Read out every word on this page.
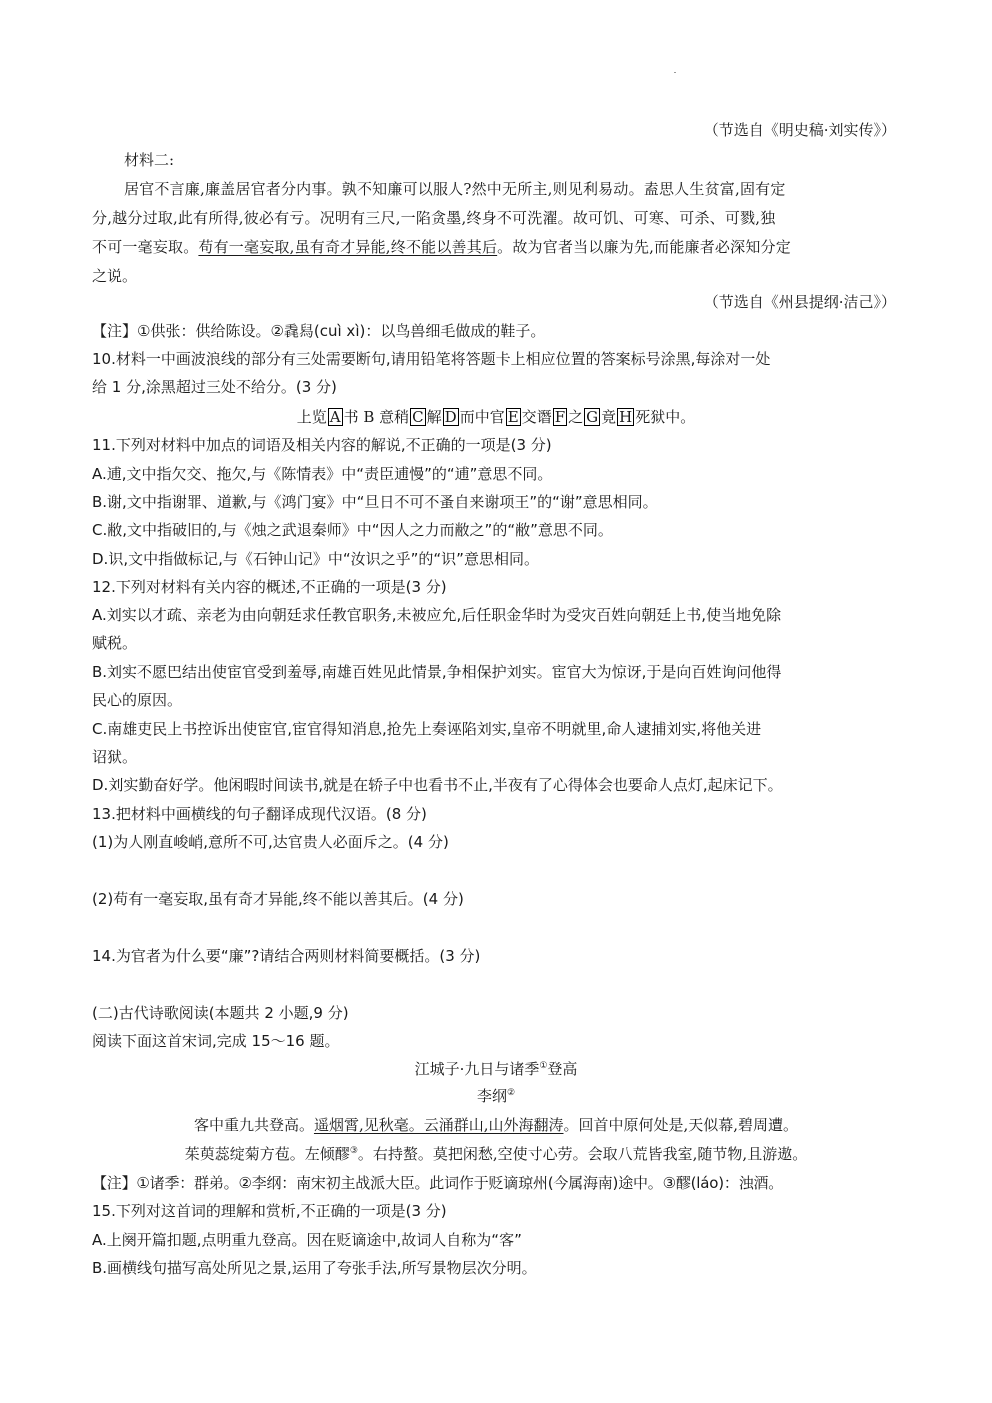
（节选自《明史稿·刘实传》）
材料二:
居官不言廉,廉盖居官者分内事。孰不知廉可以服人?然中无所主,则见利易动。盍思人生贫富,固有定
分,越分过取,此有所得,彼必有亏。况明有三尺,一陷贪墨,终身不可洗濯。故可饥、可寒、可杀、可戮,独
不可一毫妄取。苟有一毫妄取,虽有奇才异能,终不能以善其后。故为官者当以廉为先,而能廉者必深知分定
之说。
（节选自《州县提纲·洁己》）
【注】①供张：供给陈设。②毳舄(cuì xì)：以鸟兽细毛做成的鞋子。
10.材料一中画波浪线的部分有三处需要断句,请用铅笔将答题卡上相应位置的答案标号涂黑,每涂对一处
给 1 分,涂黑超过三处不给分。(3 分)
上览 A 书 B 意稍 C 解 D 而中官 E 交谮 F 之 G 竟 H 死狱中。
11.下列对材料中加点的词语及相关内容的解说,不正确的一项是(3 分)
A.逋,文中指欠交、拖欠,与《陈情表》中“责臣逋慢”的“逋”意思不同。
B.谢,文中指谢罪、道歉,与《鸿门宴》中“旦日不可不蚤自来谢项王”的“谢”意思相同。
C.敝,文中指破旧的,与《烛之武退秦师》中“因人之力而敝之”的“敝”意思不同。
D.识,文中指做标记,与《石钟山记》中“汝识之乎”的“识”意思相同。
12.下列对材料有关内容的概述,不正确的一项是(3 分)
A.刘实以才疏、亲老为由向朝廷求任教官职务,未被应允,后任职金华时为受灾百姓向朝廷上书,使当地免除
赋税。
B.刘实不愿巴结出使宦官受到羞辱,南雄百姓见此情景,争相保护刘实。宦官大为惊讶,于是向百姓询问他得
民心的原因。
C.南雄吏民上书控诉出使宦官,宦官得知消息,抢先上奏诬陷刘实,皇帝不明就里,命人逮捕刘实,将他关进
诏狱。
D.刘实勤奋好学。他闲暇时间读书,就是在轿子中也看书不止,半夜有了心得体会也要命人点灯,起床记下。
13.把材料中画横线的句子翻译成现代汉语。(8 分)
(1)为人刚直峻峭,意所不可,达官贵人必面斥之。(4 分)
(2)苟有一毫妄取,虽有奇才异能,终不能以善其后。(4 分)
14.为官者为什么要“廉”?请结合两则材料简要概括。(3 分)
(二)古代诗歌阅读(本题共 2 小题,9 分)
阅读下面这首宋词,完成 15～16 题。
江城子·九日与诸季①登高
李纲②
客中重九共登高。遥烟霄,见秋毫。云涌群山,山外海翻涛。回首中原何处是,天似幕,碧周遭。
茱萸蕊绽菊方苞。左倾醪③。右持螯。莫把闲愁,空使寸心劳。会取八荒皆我室,随节物,且游遨。
【注】①诸季：群弟。②李纲：南宋初主战派大臣。此词作于贬谪琼州(今属海南)途中。③醪(láo)：浊酒。
15.下列对这首词的理解和赏析,不正确的一项是(3 分)
A.上阕开篇扣题,点明重九登高。因在贬谪途中,故词人自称为“客”
B.画横线句描写高处所见之景,运用了夸张手法,所写景物层次分明。
